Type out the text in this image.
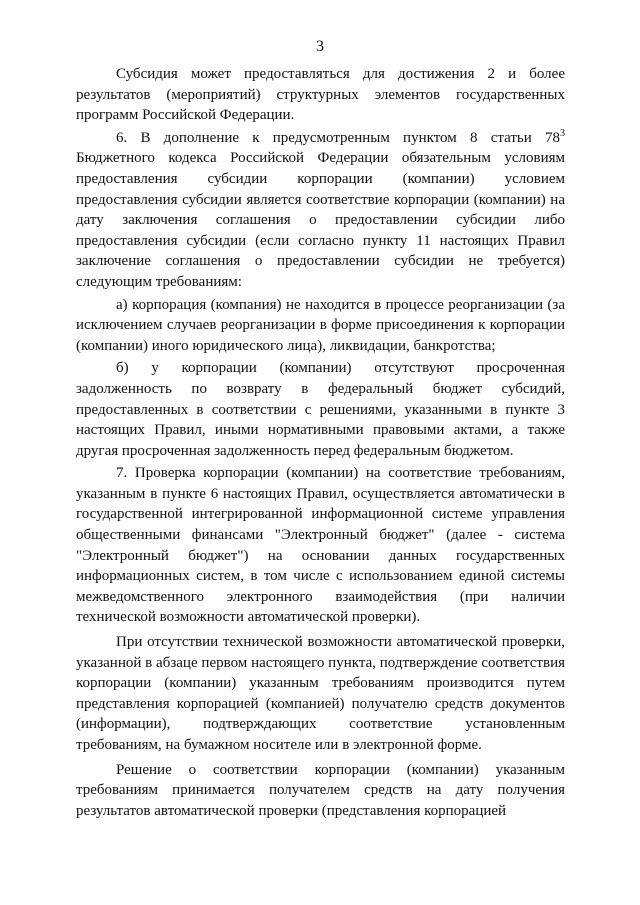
3

Субсидия может предоставляться для достижения 2 и более результатов (мероприятий) структурных элементов государственных программ Российской Федерации.

6. В дополнение к предусмотренным пунктом 8 статьи $78^3$ Бюджетного кодекса Российской Федерации обязательным условиям предоставления субсидии корпорации (компании) условием предоставления субсидии является соответствие корпорации (компании) на дату заключения соглашения о предоставлении субсидии либо предоставления субсидии (если согласно пункту 11 настоящих Правил заключение соглашения о предоставлении субсидии не требуется) следующим требованиям:

а) корпорация (компания) не находится в процессе реорганизации (за исключением случаев реорганизации в форме присоединения к корпорации (компании) иного юридического лица), ликвидации, банкротства;

б) у корпорации (компании) отсутствуют просроченная задолженность по возврату в федеральный бюджет субсидий, предоставленных в соответствии с решениями, указанными в пункте 3 настоящих Правил, иными нормативными правовыми актами, а также другая просроченная задолженность перед федеральным бюджетом.

7. Проверка корпорации (компании) на соответствие требованиям, указанным в пункте 6 настоящих Правил, осуществляется автоматически в государственной интегрированной информационной системе управления общественными финансами "Электронный бюджет" (далее - система "Электронный бюджет") на основании данных государственных информационных систем, в том числе с использованием единой системы межведомственного электронного взаимодействия (при наличии технической возможности автоматической проверки).

При отсутствии технической возможности автоматической проверки, указанной в абзаце первом настоящего пункта, подтверждение соответствия корпорации (компании) указанным требованиям производится путем представления корпорацией (компанией) получателю средств документов (информации), подтверждающих соответствие установленным требованиям, на бумажном носителе или в электронной форме.

Решение о соответствии корпорации (компании) указанным требованиям принимается получателем средств на дату получения результатов автоматической проверки (представления корпорацией
